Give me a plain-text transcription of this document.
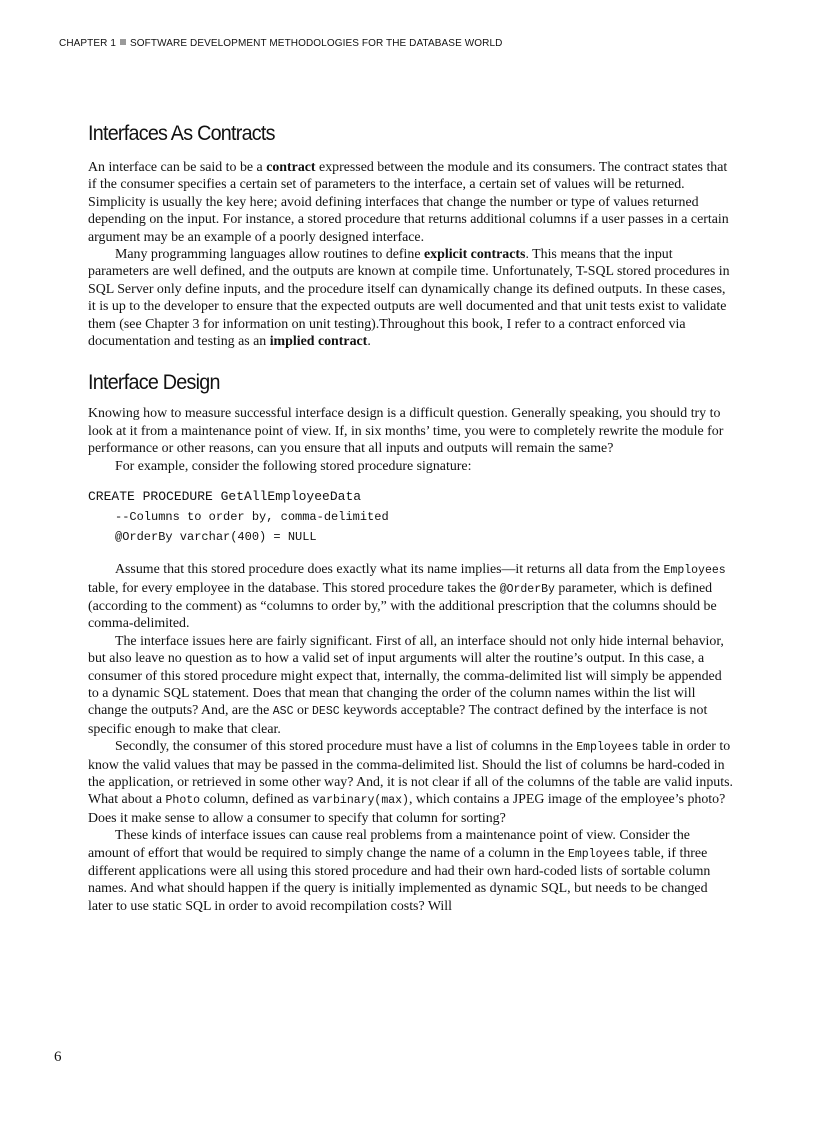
CHAPTER 1 SOFTWARE DEVELOPMENT METHODOLOGIES FOR THE DATABASE WORLD
Interfaces As Contracts

An interface can be said to be a contract expressed between the module and its consumers. The contract states that if the consumer specifies a certain set of parameters to the interface, a certain set of values will be returned. Simplicity is usually the key here; avoid defining interfaces that change the number or type of values returned depending on the input. For instance, a stored procedure that returns additional columns if a user passes in a certain argument may be an example of a poorly designed interface.

Many programming languages allow routines to define explicit contracts. This means that the input parameters are well defined, and the outputs are known at compile time. Unfortunately, T-SQL stored procedures in SQL Server only define inputs, and the procedure itself can dynamically change its defined outputs. In these cases, it is up to the developer to ensure that the expected outputs are well documented and that unit tests exist to validate them (see Chapter 3 for information on unit testing).Throughout this book, I refer to a contract enforced via documentation and testing as an implied contract.

Interface Design

Knowing how to measure successful interface design is a difficult question. Generally speaking, you should try to look at it from a maintenance point of view. If, in six months’ time, you were to completely rewrite the module for performance or other reasons, can you ensure that all inputs and outputs will remain the same?

For example, consider the following stored procedure signature:

CREATE PROCEDURE GetAllEmployeeData
--Columns to order by, comma-delimited
@OrderBy varchar(400) = NULL

Assume that this stored procedure does exactly what its name implies—it returns all data from the Employees table, for every employee in the database. This stored procedure takes the @OrderBy parameter, which is defined (according to the comment) as “columns to order by,” with the additional prescription that the columns should be comma-delimited.

The interface issues here are fairly significant. First of all, an interface should not only hide internal behavior, but also leave no question as to how a valid set of input arguments will alter the routine’s output. In this case, a consumer of this stored procedure might expect that, internally, the comma-delimited list will simply be appended to a dynamic SQL statement. Does that mean that changing the order of the column names within the list will change the outputs? And, are the ASC or DESC keywords acceptable? The contract defined by the interface is not specific enough to make that clear.

Secondly, the consumer of this stored procedure must have a list of columns in the Employees table in order to know the valid values that may be passed in the comma-delimited list. Should the list of columns be hard-coded in the application, or retrieved in some other way? And, it is not clear if all of the columns of the table are valid inputs. What about a Photo column, defined as varbinary(max), which contains a JPEG image of the employee’s photo? Does it make sense to allow a consumer to specify that column for sorting?

These kinds of interface issues can cause real problems from a maintenance point of view. Consider the amount of effort that would be required to simply change the name of a column in the Employees table, if three different applications were all using this stored procedure and had their own hard-coded lists of sortable column names. And what should happen if the query is initially implemented as dynamic SQL, but needs to be changed later to use static SQL in order to avoid recompilation costs? Will

6
